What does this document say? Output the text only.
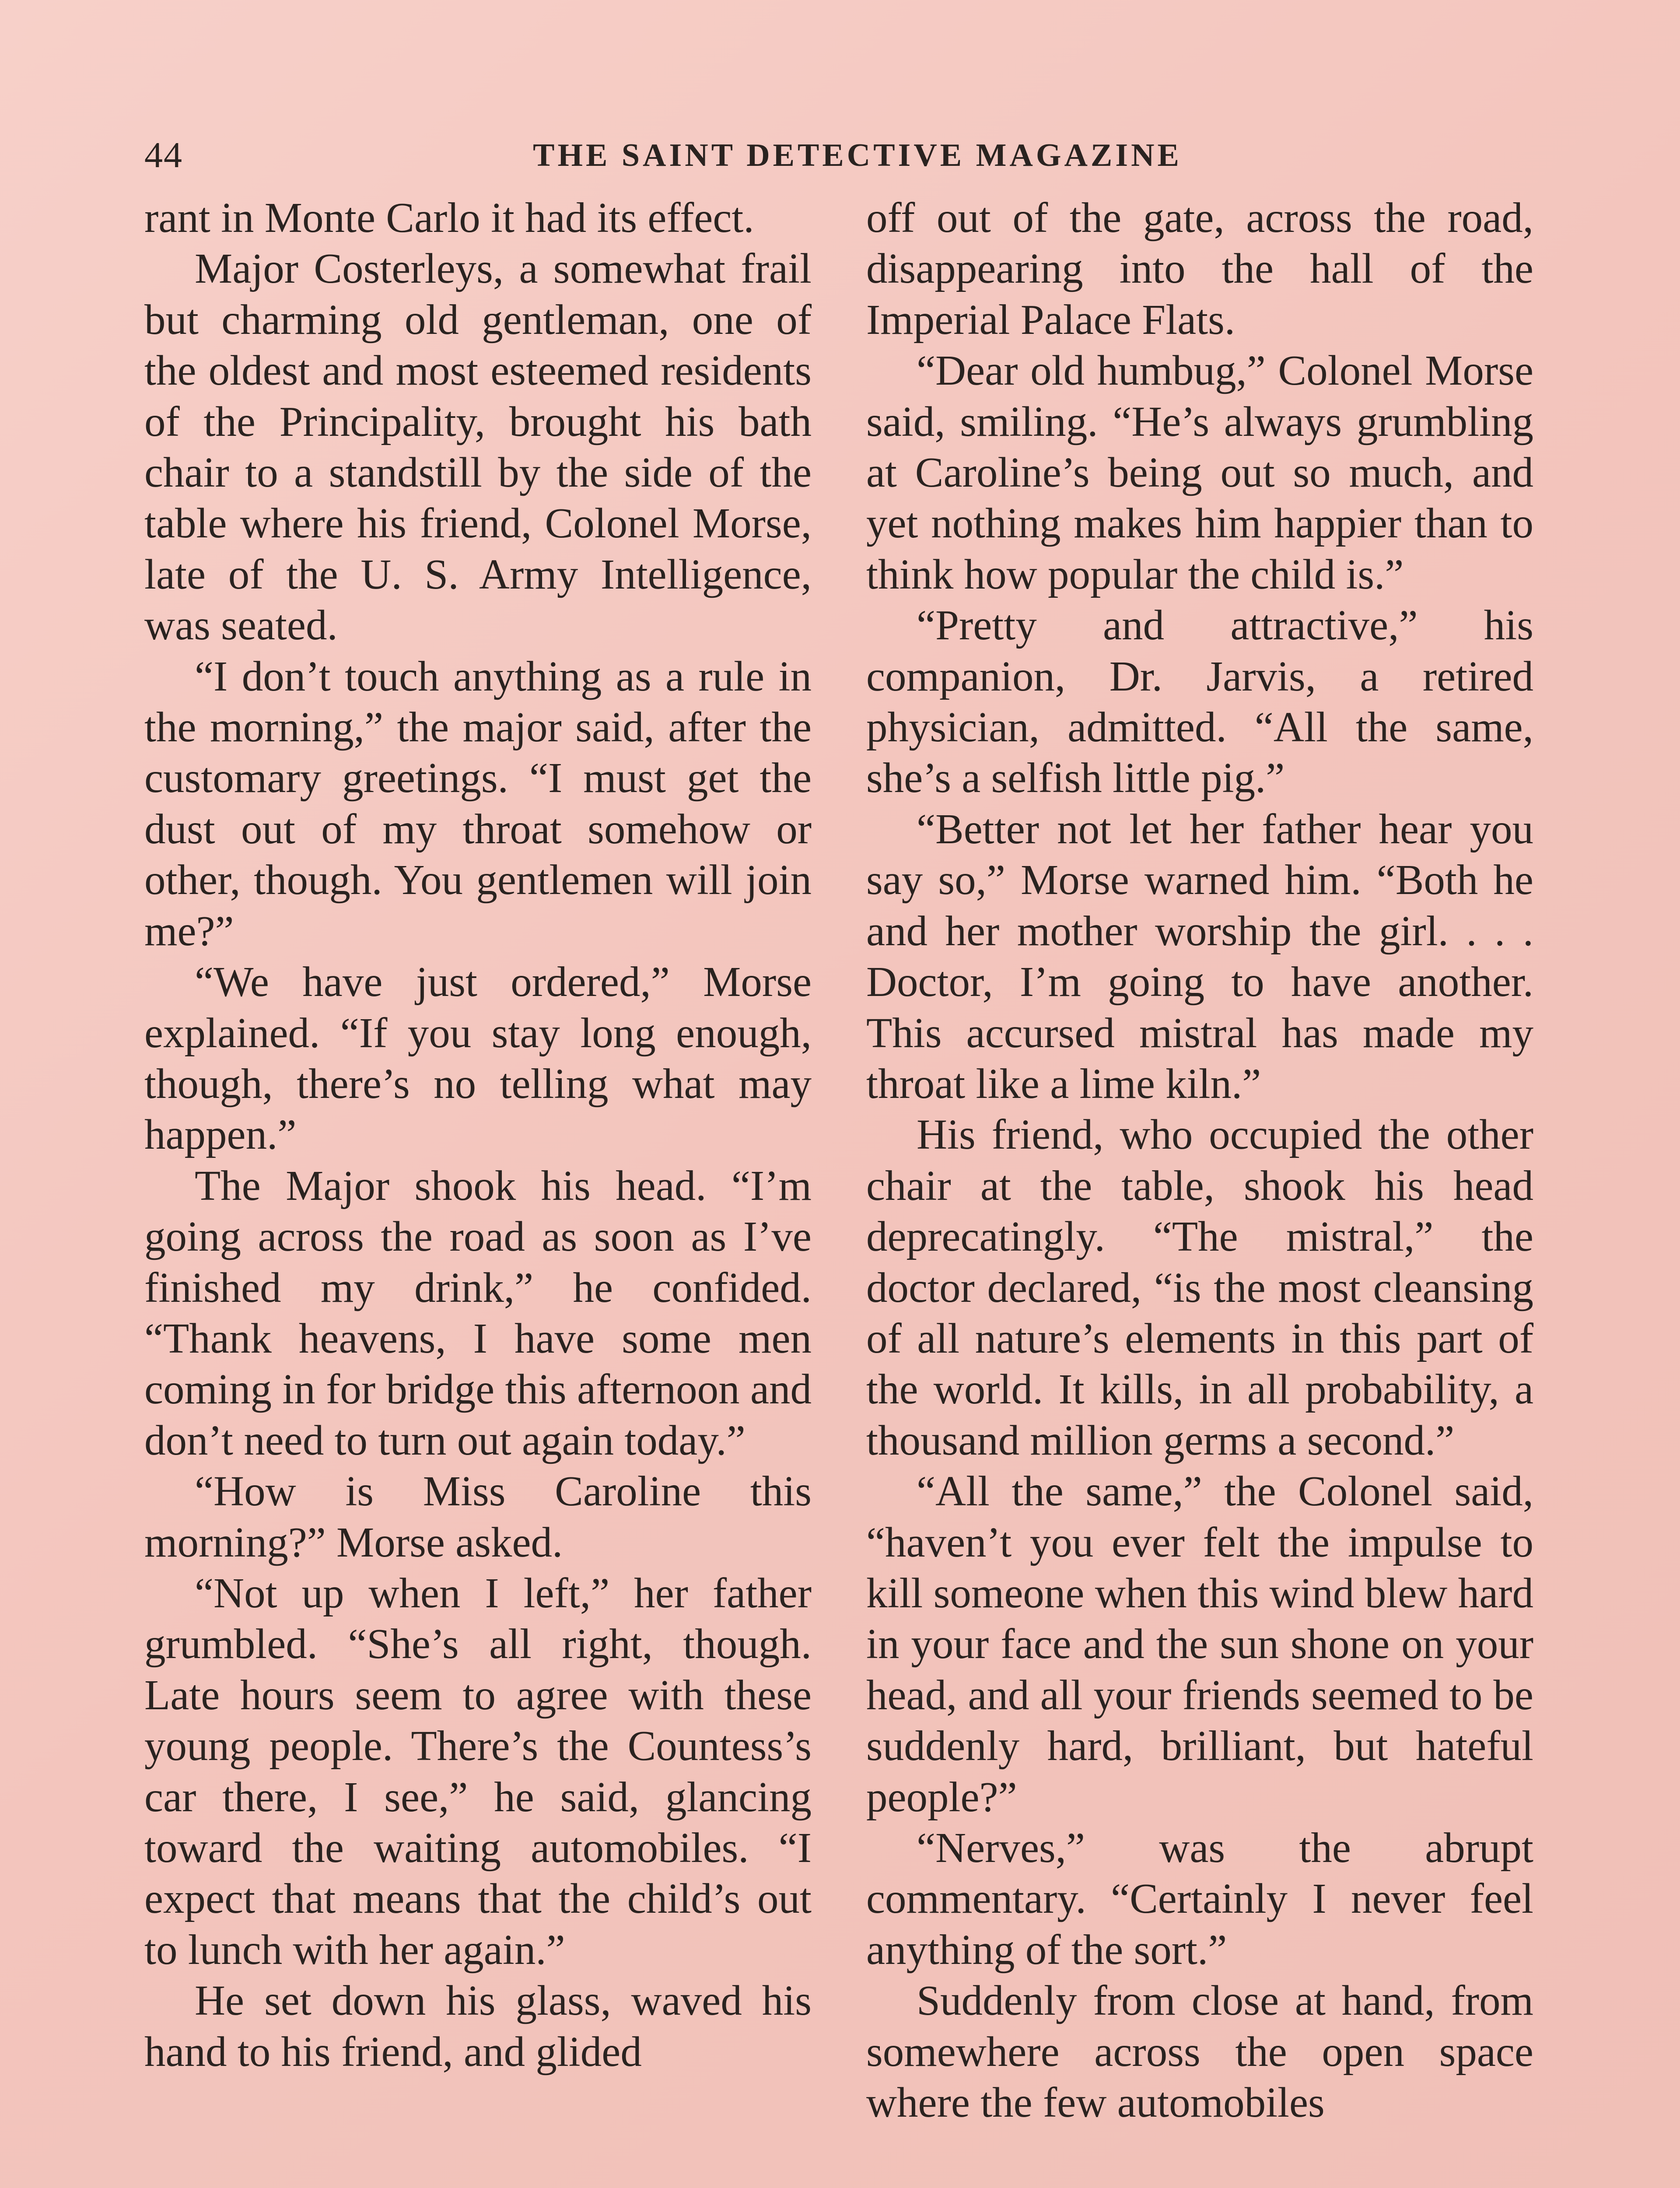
44	THE SAINT DETECTIVE MAGAZINE

rant in Monte Carlo it had its effect.

Major Costerleys, a somewhat frail but charming old gentleman, one of the oldest and most esteemed residents of the Principality, brought his bath chair to a standstill by the side of the table where his friend, Colonel Morse, late of the U. S. Army Intelligence, was seated.

“I don’t touch anything as a rule in the morning,” the major said, after the customary greetings. “I must get the dust out of my throat somehow or other, though. You gentlemen will join me?”

“We have just ordered,” Morse explained. “If you stay long enough, though, there’s no telling what may happen.”

The Major shook his head. “I’m going across the road as soon as I’ve finished my drink,” he confided. “Thank heavens, I have some men coming in for bridge this afternoon and don’t need to turn out again today.”

“How is Miss Caroline this morning?” Morse asked.

“Not up when I left,” her father grumbled. “She’s all right, though. Late hours seem to agree with these young people. There’s the Countess’s car there, I see,” he said, glancing toward the waiting automobiles. “I expect that means that the child’s out to lunch with her again.”

He set down his glass, waved his hand to his friend, and glided

off out of the gate, across the road, disappearing into the hall of the Imperial Palace Flats.

“Dear old humbug,” Colonel Morse said, smiling. “He’s always grumbling at Caroline’s being out so much, and yet nothing makes him happier than to think how popular the child is.”

“Pretty and attractive,” his companion, Dr. Jarvis, a retired physician, admitted. “All the same, she’s a selfish little pig.”

“Better not let her father hear you say so,” Morse warned him. “Both he and her mother worship the girl. . . . Doctor, I’m going to have another. This accursed mistral has made my throat like a lime kiln.”

His friend, who occupied the other chair at the table, shook his head deprecatingly. “The mistral,” the doctor declared, “is the most cleansing of all nature’s elements in this part of the world. It kills, in all probability, a thousand million germs a second.”

“All the same,” the Colonel said, “haven’t you ever felt the impulse to kill someone when this wind blew hard in your face and the sun shone on your head, and all your friends seemed to be suddenly hard, brilliant, but hateful people?”

“Nerves,” was the abrupt commentary. “Certainly I never feel anything of the sort.”

Suddenly from close at hand, from somewhere across the open space where the few automobiles
